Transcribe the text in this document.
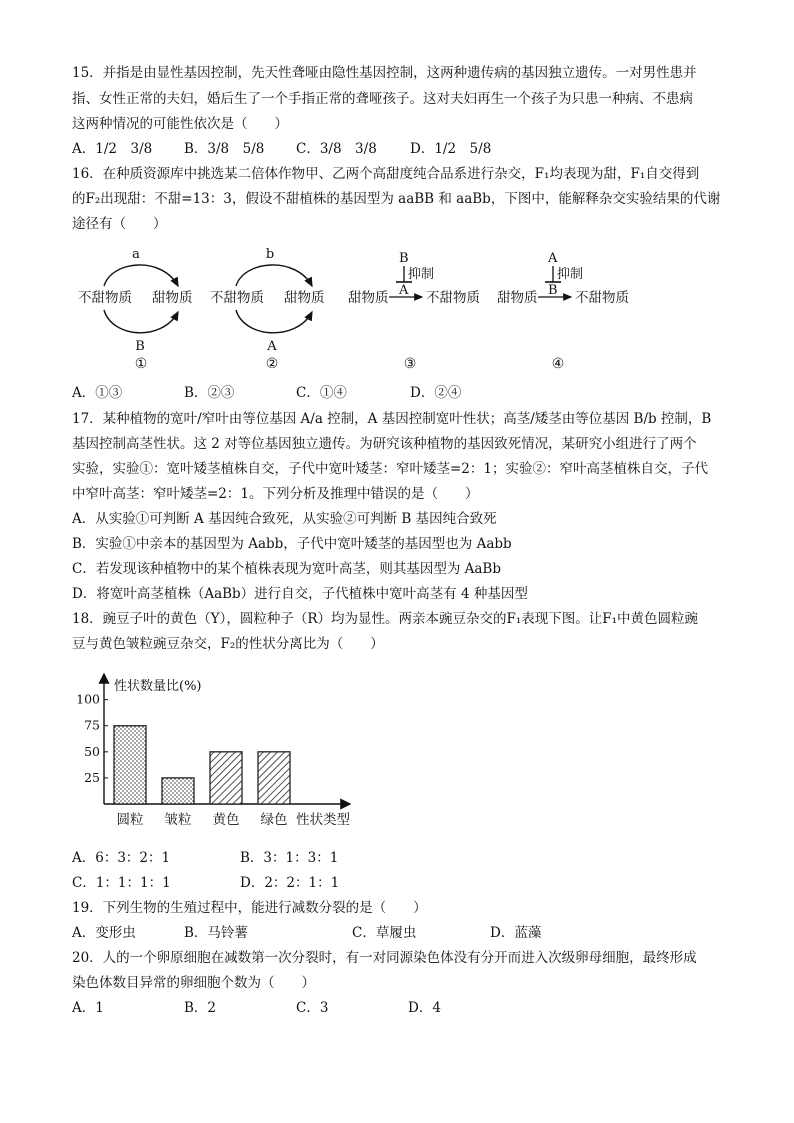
15．并指是由显性基因控制，先天性聋哑由隐性基因控制，这两种遗传病的基因独立遗传。一对男性患并
指、女性正常的夫妇，婚后生了一个手指正常的聋哑孩子。这对夫妇再生一个孩子为只患一种病、不患病
这两种情况的可能性依次是（　　）
A．1/2　3/8 B．3/8　5/8 C．3/8　3/8 D．1/2　5/8
16．在种质资源库中挑选某二倍体作物甲、乙两个高甜度纯合品系进行杂交，F₁均表现为甜，F₁自交得到
的F₂出现甜：不甜=13：3，假设不甜植株的基因型为 aaBB 和 aaBb，下图中，能解释杂交实验结果的代谢
途径有（　　）
a
不甜物质 甜物质
B
①
b
不甜物质 甜物质
A
②
B
抑制
A
甜物质	不甜物质
③
A
抑制
B
甜物质	不甜物质
④
A．①③	B．②③	C．①④	D．②④
17．某种植物的宽叶/窄叶由等位基因 A/a 控制，A 基因控制宽叶性状；高茎/矮茎由等位基因 B/b 控制，B
基因控制高茎性状。这 2 对等位基因独立遗传。为研究该种植物的基因致死情况，某研究小组进行了两个
实验，实验①：宽叶矮茎植株自交，子代中宽叶矮茎：窄叶矮茎=2：1；实验②：窄叶高茎植株自交，子代
中窄叶高茎：窄叶矮茎=2：1。下列分析及推理中错误的是（　　）
A．从实验①可判断 A 基因纯合致死，从实验②可判断 B 基因纯合致死
B．实验①中亲本的基因型为 Aabb，子代中宽叶矮茎的基因型也为 Aabb
C．若发现该种植物中的某个植株表现为宽叶高茎，则其基因型为 AaBb
D．将宽叶高茎植株（AaBb）进行自交，子代植株中宽叶高茎有 4 种基因型
18．豌豆子叶的黄色（Y），圆粒种子（R）均为显性。两亲本豌豆杂交的F₁表现下图。让F₁中黄色圆粒豌
豆与黄色皱粒豌豆杂交，F₂的性状分离比为（　　）
性状数量比(%)
25
50
75
100
圆粒 皱粒 黄色 绿色 性状类型
A．6：3：2：1	B．3：1：3：1
C．1：1：1：1	D．2：2：1：1
19．下列生物的生殖过程中，能进行减数分裂的是（　　）
A．变形虫	B．马铃薯	C．草履虫	D．蓝藻
20．人的一个卵原细胞在减数第一次分裂时，有一对同源染色体没有分开而进入次级卵母细胞，最终形成
染色体数目异常的卵细胞个数为（　　）
A．1	B．2	C．3	D．4
